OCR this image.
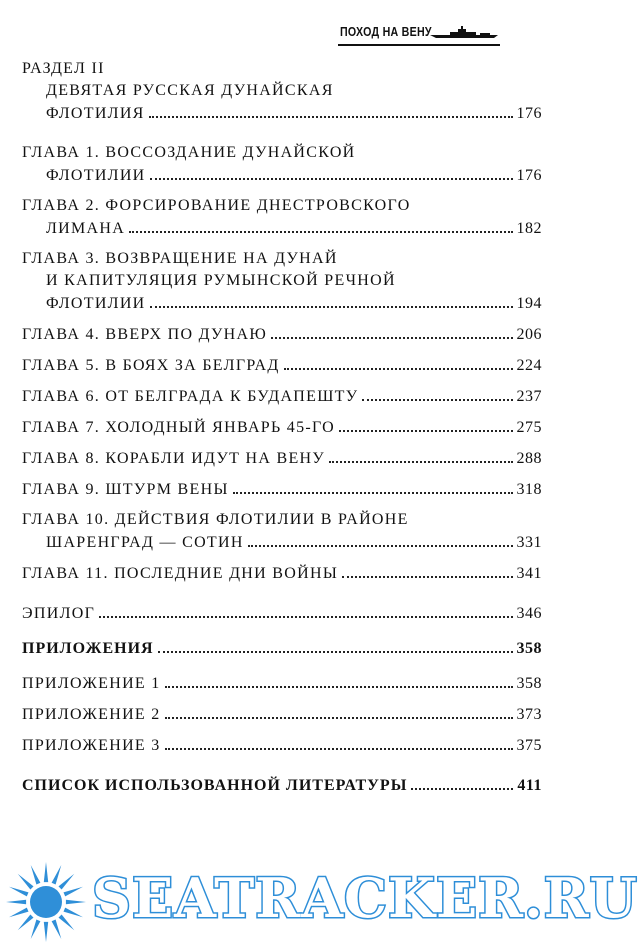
ПОХОД НА ВЕНУ
РАЗДЕЛ II
ДЕВЯТАЯ РУССКАЯ ДУНАЙСКАЯ
ФЛОТИЛИЯ	176
ГЛАВА 1. ВОССОЗДАНИЕ ДУНАЙСКОЙ
ФЛОТИЛИИ	176
ГЛАВА 2. ФОРСИРОВАНИЕ ДНЕСТРОВСКОГО
ЛИМАНА	182
ГЛАВА 3. ВОЗВРАЩЕНИЕ НА ДУНАЙ
И КАПИТУЛЯЦИЯ РУМЫНСКОЙ РЕЧНОЙ
ФЛОТИЛИИ	194
ГЛАВА 4. ВВЕРХ ПО ДУНАЮ	206
ГЛАВА 5. В БОЯХ ЗА БЕЛГРАД	224
ГЛАВА 6. ОТ БЕЛГРАДА К БУДАПЕШТУ	237
ГЛАВА 7. ХОЛОДНЫЙ ЯНВАРЬ 45-ГО	275
ГЛАВА 8. КОРАБЛИ ИДУТ НА ВЕНУ	288
ГЛАВА 9. ШТУРМ ВЕНЫ	318
ГЛАВА 10. ДЕЙСТВИЯ ФЛОТИЛИИ В РАЙОНЕ
ШАРЕНГРАД — СОТИН	331
ГЛАВА 11. ПОСЛЕДНИЕ ДНИ ВОЙНЫ	341
ЭПИЛОГ	346
ПРИЛОЖЕНИЯ	358
ПРИЛОЖЕНИЕ 1	358
ПРИЛОЖЕНИЕ 2	373
ПРИЛОЖЕНИЕ 3	375
СПИСОК ИСПОЛЬЗОВАННОЙ ЛИТЕРАТУРЫ	411
SEATRACKER.RU
